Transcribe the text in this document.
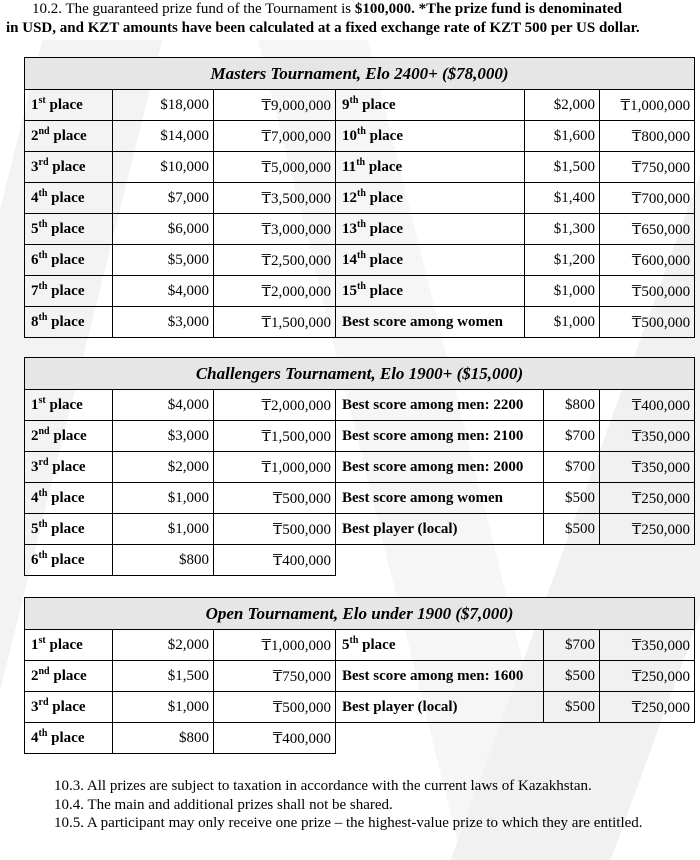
10.2. The guaranteed prize fund of the Tournament is $100,000. *The prize fund is denominated
in USD, and KZT amounts have been calculated at a fixed exchange rate of KZT 500 per US dollar.

Masters Tournament, Elo 2400+ ($78,000)					
1st place	$18,000	₸9,000,000	9th place	$2,000	₸1,000,000
2nd place	$14,000	₸7,000,000	10th place	$1,600	₸800,000
3rd place	$10,000	₸5,000,000	11th place	$1,500	₸750,000
4th place	$7,000	₸3,500,000	12th place	$1,400	₸700,000
5th place	$6,000	₸3,000,000	13th place	$1,300	₸650,000
6th place	$5,000	₸2,500,000	14th place	$1,200	₸600,000
7th place	$4,000	₸2,000,000	15th place	$1,000	₸500,000
8th place	$3,000	₸1,500,000	Best score among women	$1,000	₸500,000
Challengers Tournament, Elo 1900+ ($15,000)					
1st place	$4,000	₸2,000,000	Best score among men: 2200	$800	₸400,000
2nd place	$3,000	₸1,500,000	Best score among men: 2100	$700	₸350,000
3rd place	$2,000	₸1,000,000	Best score among men: 2000	$700	₸350,000
4th place	$1,000	₸500,000	Best score among women	$500	₸250,000
5th place	$1,000	₸500,000	Best player (local)	$500	₸250,000
6th place	$800	₸400,000			
Open Tournament, Elo under 1900 ($7,000)					
1st place	$2,000	₸1,000,000	5th place	$700	₸350,000
2nd place	$1,500	₸750,000	Best score among men: 1600	$500	₸250,000
3rd place	$1,000	₸500,000	Best player (local)	$500	₸250,000
4th place	$800	₸400,000			
10.3. All prizes are subject to taxation in accordance with the current laws of Kazakhstan.
10.4. The main and additional prizes shall not be shared.
10.5. A participant may only receive one prize – the highest-value prize to which they are entitled.
